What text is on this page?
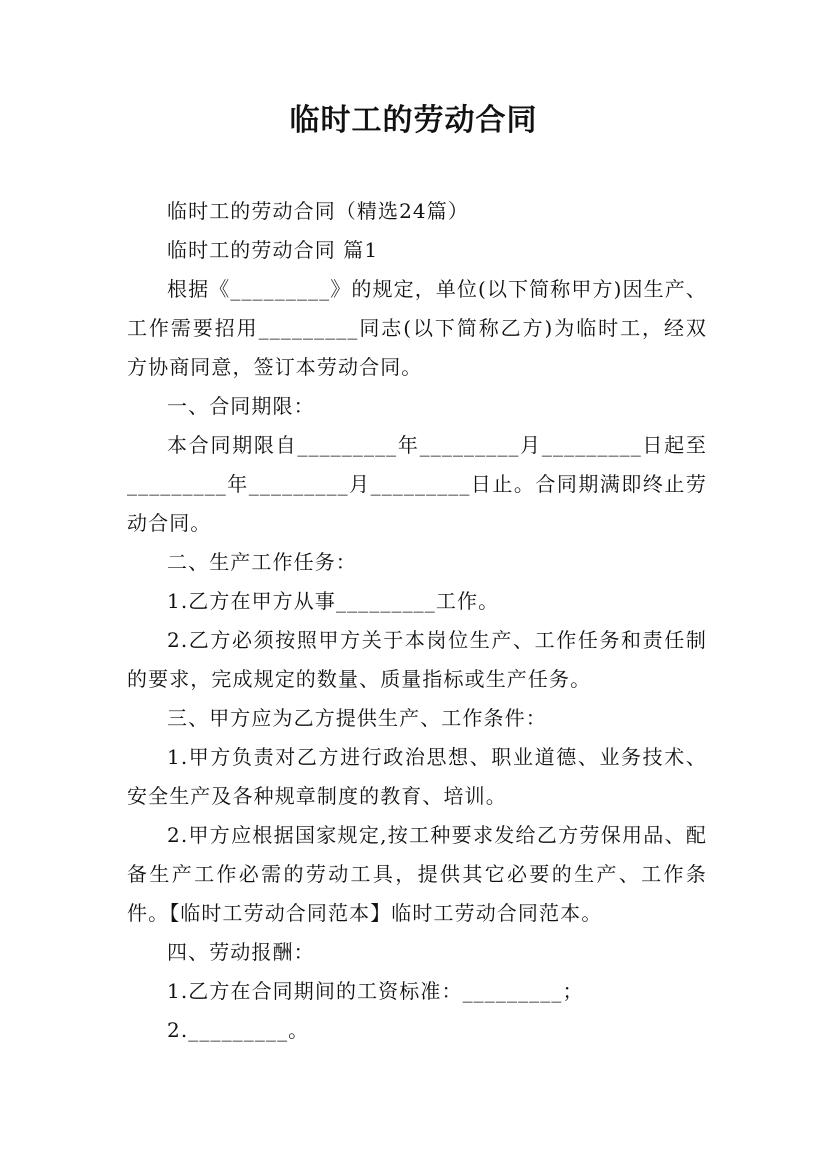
临时工的劳动合同

临时工的劳动合同（精选24篇）

临时工的劳动合同 篇1

根据《_________》的规定，单位(以下简称甲方)因生产、工作需要招用_________同志(以下简称乙方)为临时工，经双方协商同意，签订本劳动合同。

一、合同期限：

本合同期限自_________年_________月_________日起至_________年_________月_________日止。合同期满即终止劳动合同。

二、生产工作任务：

1.乙方在甲方从事_________工作。

2.乙方必须按照甲方关于本岗位生产、工作任务和责任制的要求，完成规定的数量、质量指标或生产任务。

三、甲方应为乙方提供生产、工作条件：

1.甲方负责对乙方进行政治思想、职业道德、业务技术、安全生产及各种规章制度的教育、培训。

2.甲方应根据国家规定,按工种要求发给乙方劳保用品、配备生产工作必需的劳动工具，提供其它必要的生产、工作条件。【临时工劳动合同范本】临时工劳动合同范本。

四、劳动报酬：

1.乙方在合同期间的工资标准：_________；

2._________。
